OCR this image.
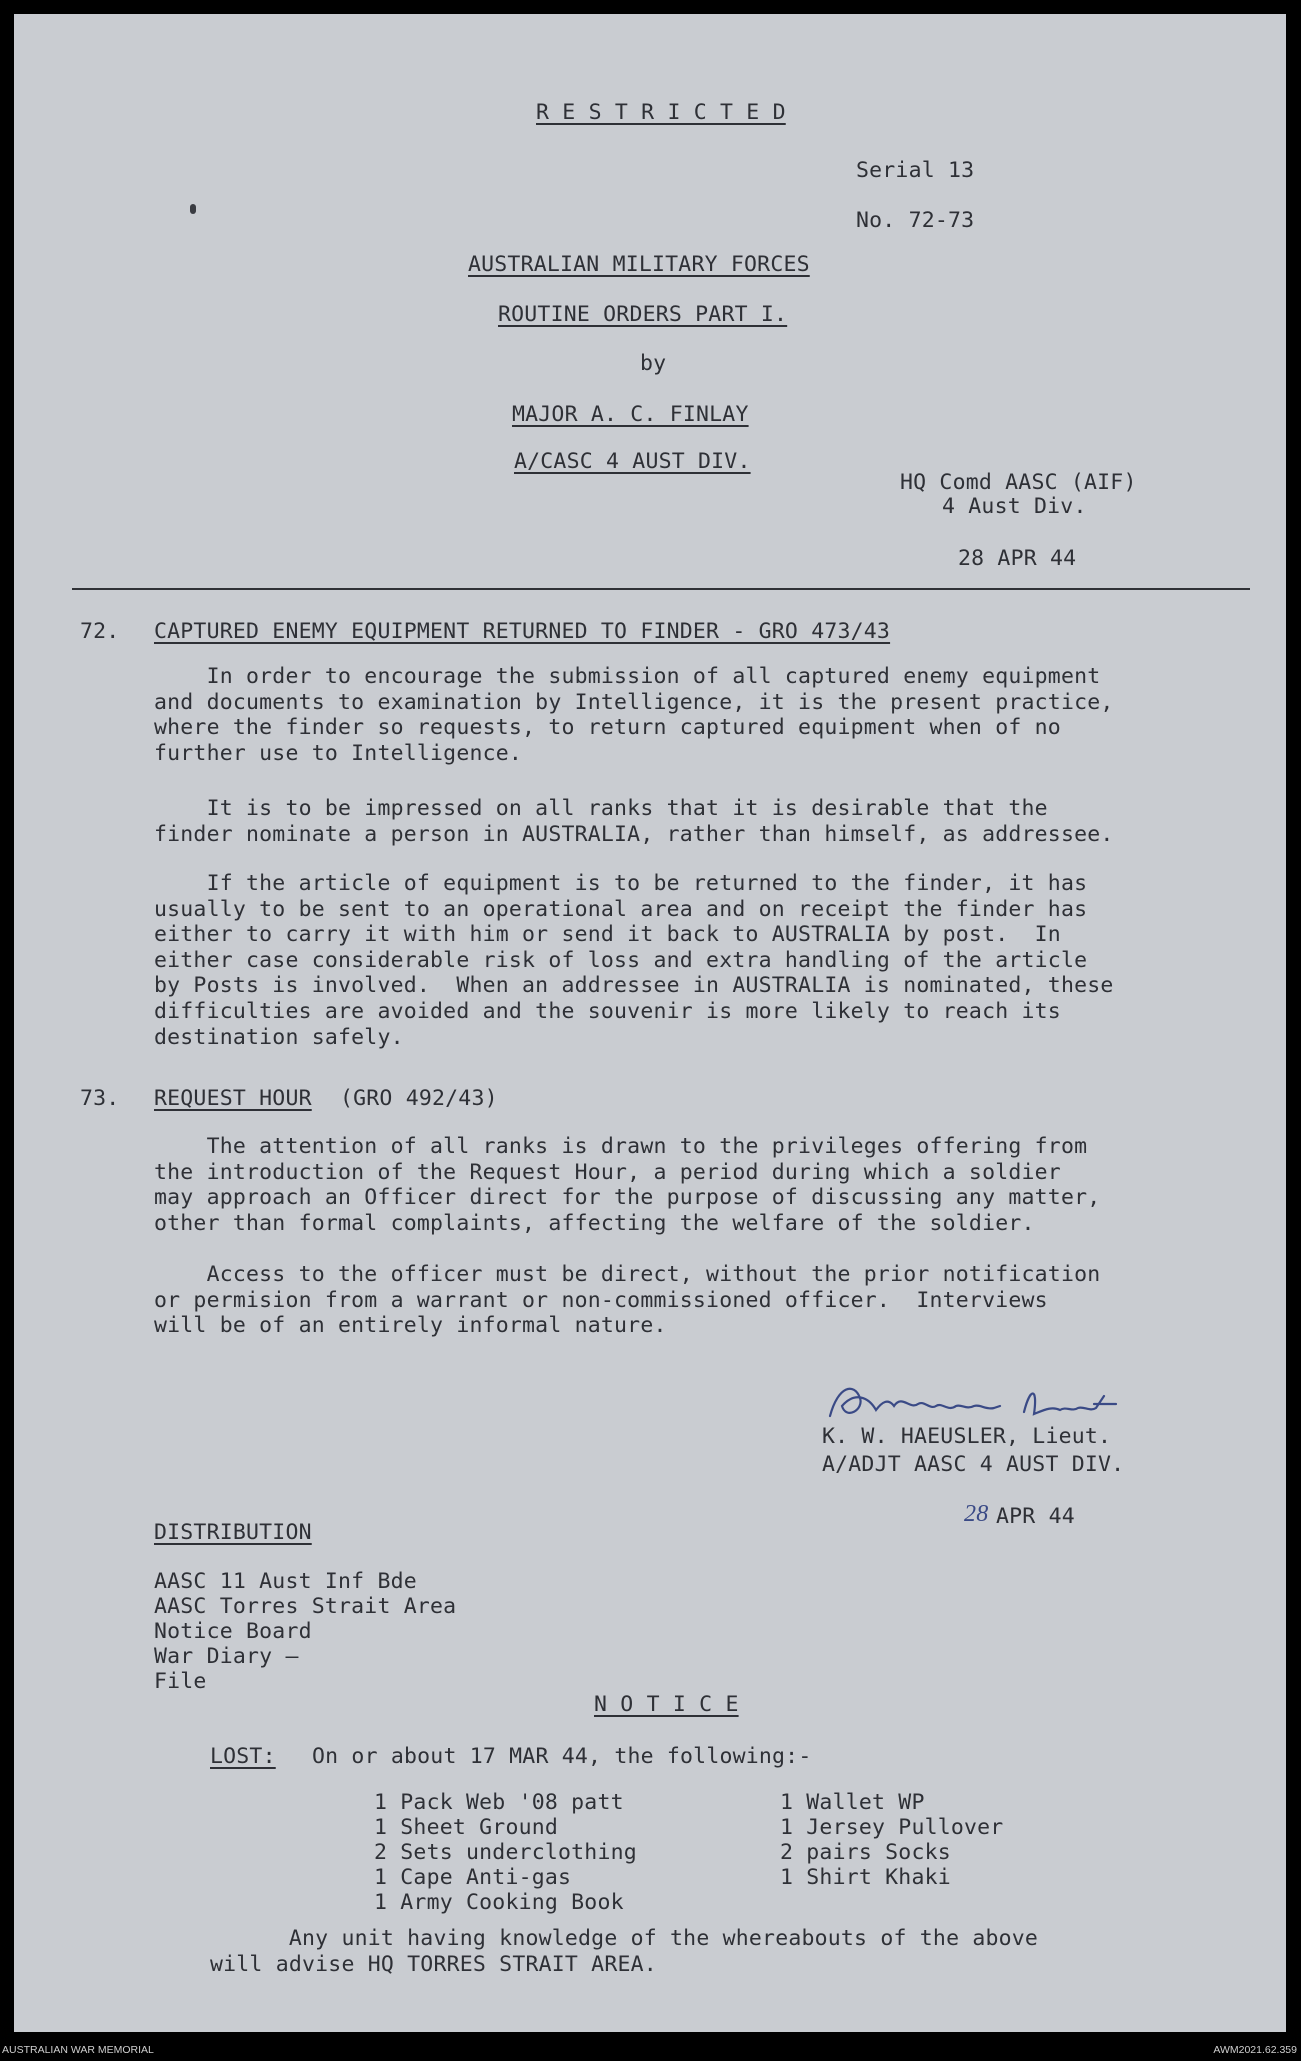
R E S T R I C T E D
Serial 13
No. 72-73
AUSTRALIAN MILITARY FORCES
ROUTINE ORDERS PART I.
by
MAJOR A. C. FINLAY
A/CASC 4 AUST DIV.
HQ Comd AASC (AIF)
4 Aust Div.
28 APR 44
72. CAPTURED ENEMY EQUIPMENT RETURNED TO FINDER - GRO 473/43
In order to encourage the submission of all captured enemy equipment
and documents to examination by Intelligence, it is the present practice,
where the finder so requests, to return captured equipment when of no
further use to Intelligence.
It is to be impressed on all ranks that it is desirable that the
finder nominate a person in AUSTRALIA, rather than himself, as addressee.
If the article of equipment is to be returned to the finder, it has
usually to be sent to an operational area and on receipt the finder has
either to carry it with him or send it back to AUSTRALIA by post.  In
either case considerable risk of loss and extra handling of the article
by Posts is involved.  When an addressee in AUSTRALIA is nominated, these
difficulties are avoided and the souvenir is more likely to reach its
destination safely.
73. REQUEST HOUR (GRO 492/43)
The attention of all ranks is drawn to the privileges offering from
the introduction of the Request Hour, a period during which a soldier
may approach an Officer direct for the purpose of discussing any matter,
other than formal complaints, affecting the welfare of the soldier.
Access to the officer must be direct, without the prior notification
or permision from a warrant or non-commissioned officer.  Interviews
will be of an entirely informal nature.
K. W. HAEUSLER, Lieut.
A/ADJT AASC 4 AUST DIV.
28 APR 44
DISTRIBUTION
AASC 11 Aust Inf Bde
AASC Torres Strait Area
Notice Board
War Diary —
File
N O T I C E
LOST: On or about 17 MAR 44, the following:-
1 Pack Web '08 patt
1 Sheet Ground
2 Sets underclothing
1 Cape Anti-gas
1 Army Cooking Book
1 Wallet WP
1 Jersey Pullover
2 pairs Socks
1 Shirt Khaki
Any unit having knowledge of the whereabouts of the above
will advise HQ TORRES STRAIT AREA.
AUSTRALIAN WAR MEMORIAL	AWM2021.62.359
